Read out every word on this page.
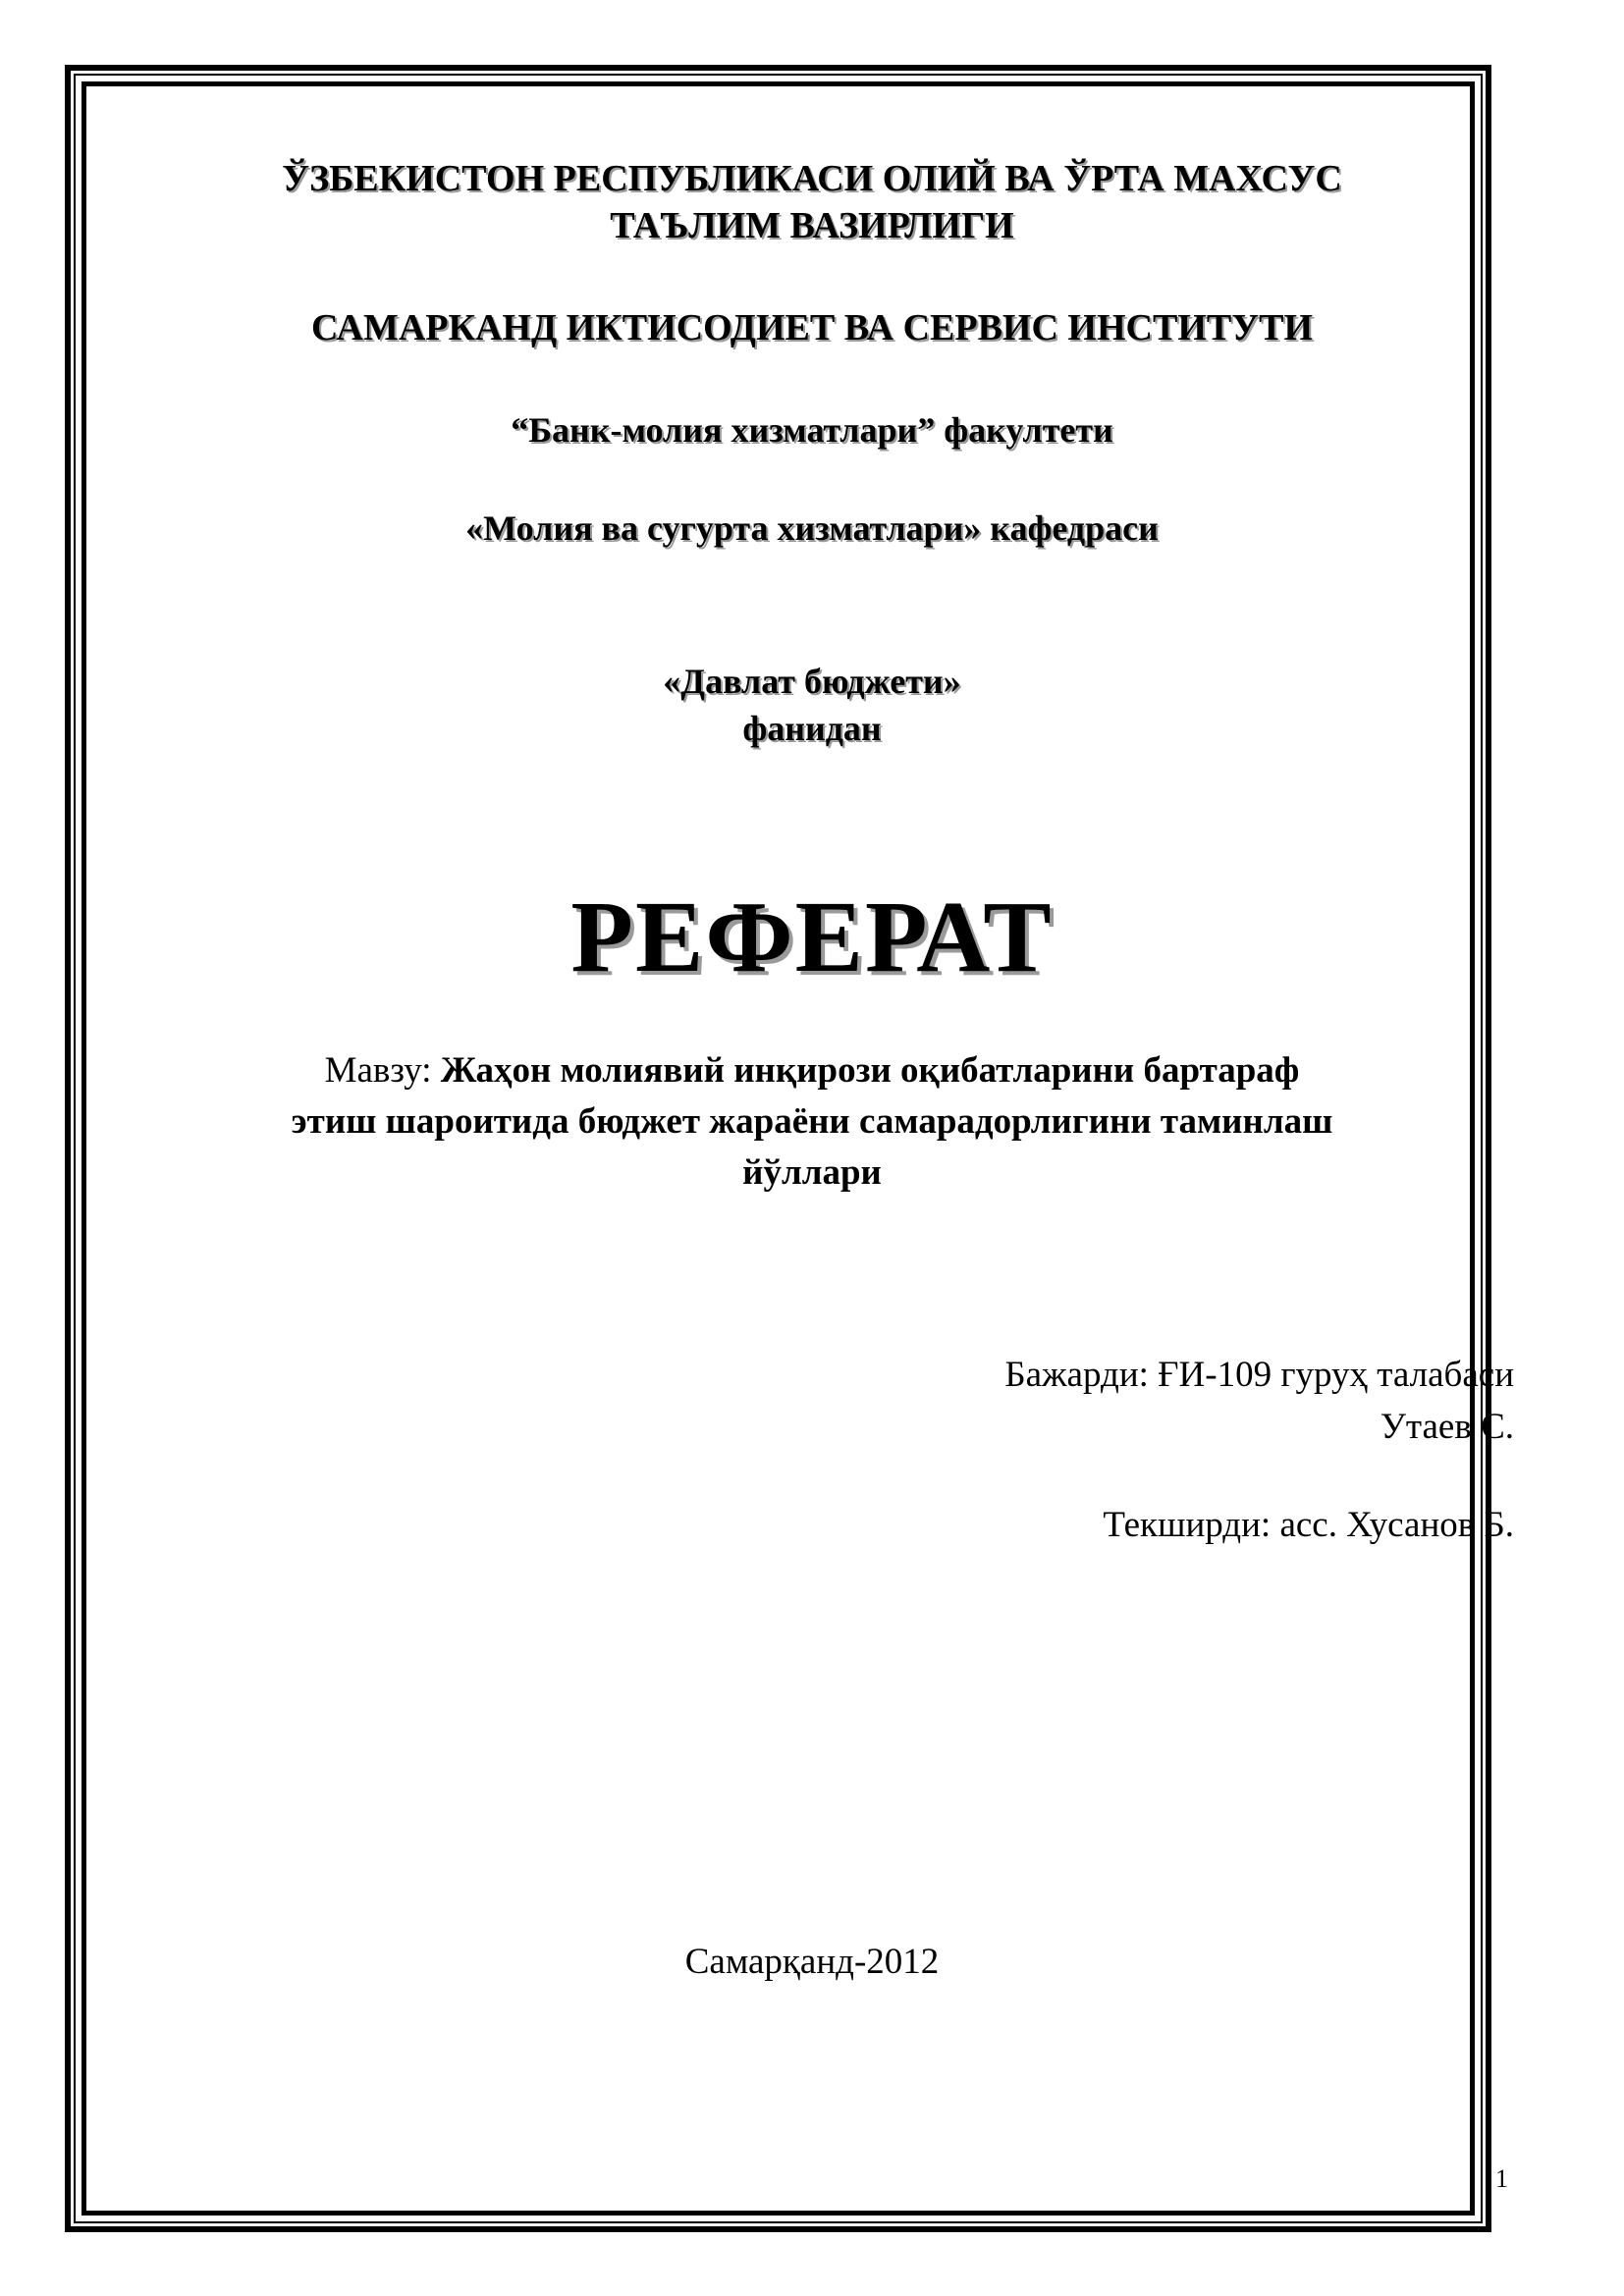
ЎЗБЕКИСТОН РЕСПУБЛИКАСИ ОЛИЙ ВА ЎРТА МАХСУС
ТАЪЛИМ ВАЗИРЛИГИ
САМАРКАНД ИКТИСОДИЕТ ВА СЕРВИС ИНСТИТУТИ
“Банк-молия хизматлари” факултети
«Молия ва сугурта хизматлари» кафедраси
«Давлат бюджети»
фанидан
РЕФЕРАТ
Мавзу: Жаҳон молиявий инқирози оқибатларини бартараф
этиш шароитида бюджет жараёни самарадорлигини таминлаш
йўллари
Бажарди: ҒИ-109 гуруҳ талабаси
Утаев С.
Текширди: асс. Хусанов Б.
Самарқанд-2012
1
